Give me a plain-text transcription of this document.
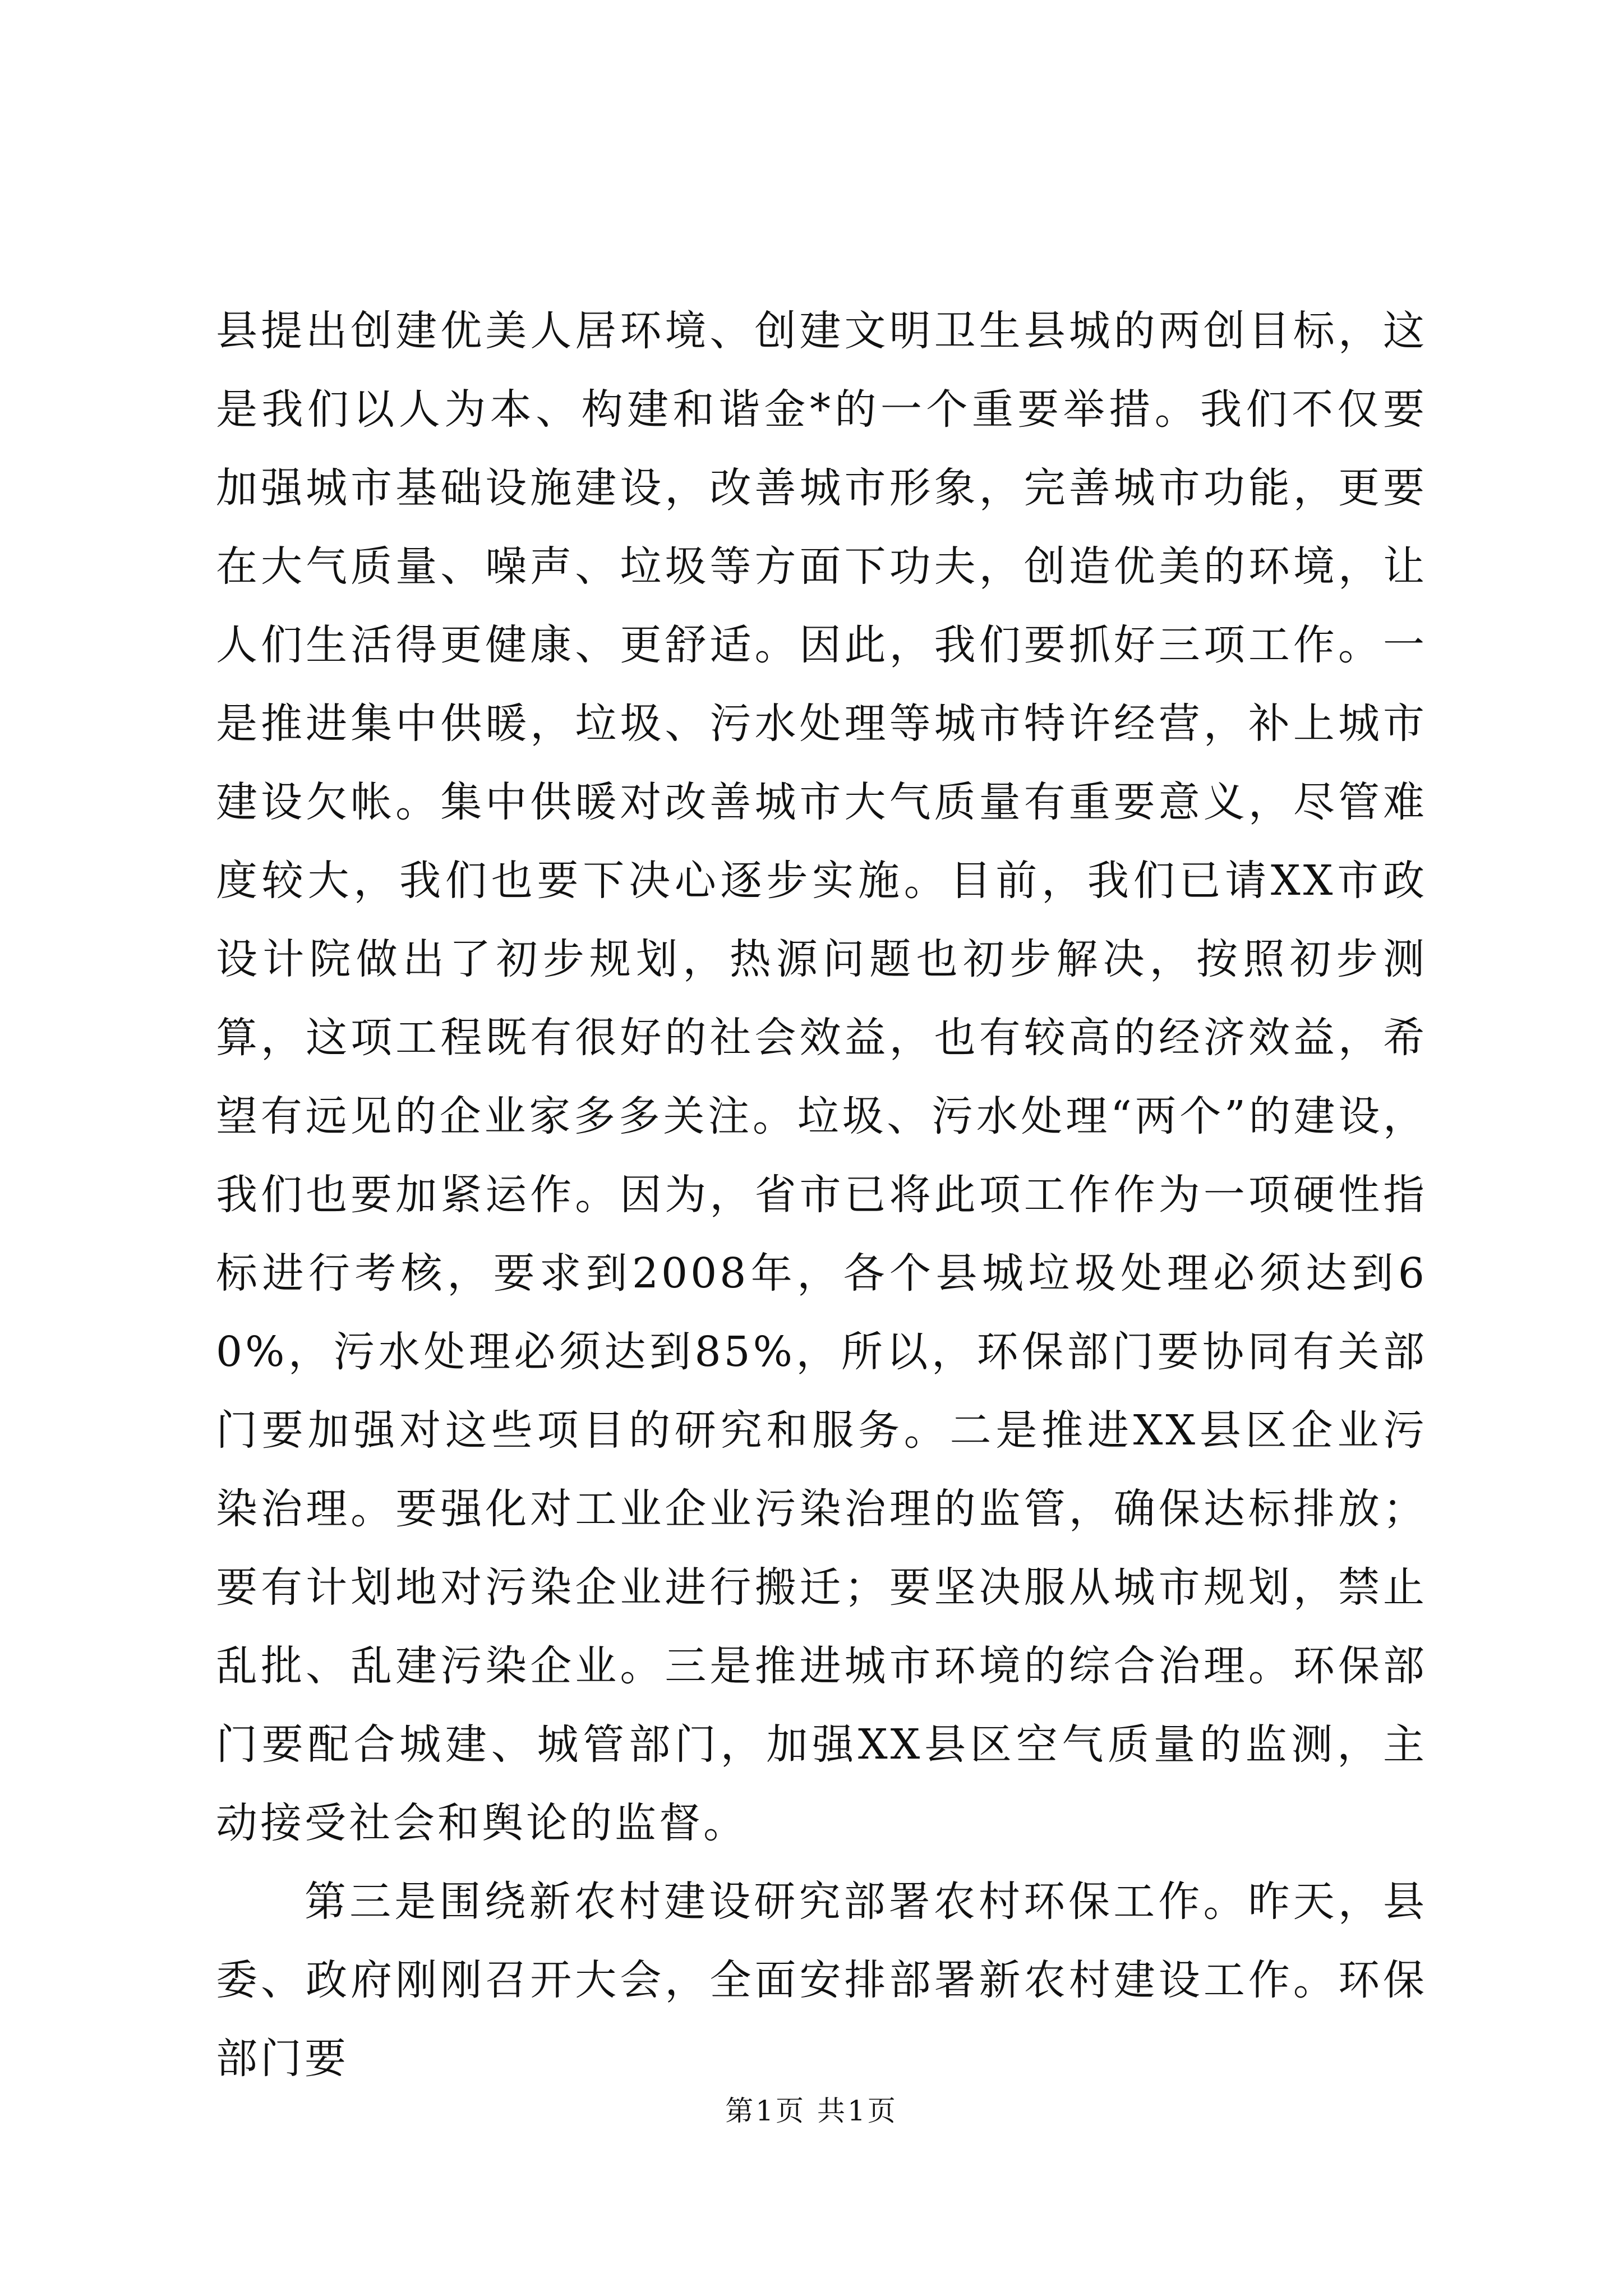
县提出创建优美人居环境、创建文明卫生县城的两创目标，这是我们以人为本、构建和谐金*的一个重要举措。我们不仅要加强城市基础设施建设，改善城市形象，完善城市功能，更要在大气质量、噪声、垃圾等方面下功夫，创造优美的环境，让人们生活得更健康、更舒适。因此，我们要抓好三项工作。一是推进集中供暖，垃圾、污水处理等城市特许经营，补上城市建设欠帐。集中供暖对改善城市大气质量有重要意义，尽管难度较大，我们也要下决心逐步实施。目前，我们已请XX市政设计院做出了初步规划，热源问题也初步解决，按照初步测算，这项工程既有很好的社会效益，也有较高的经济效益，希望有远见的企业家多多关注。垃圾、污水处理“两个”的建设，我们也要加紧运作。因为，省市已将此项工作作为一项硬性指标进行考核，要求到2008年，各个县城垃圾处理必须达到60%，污水处理必须达到85%，所以，环保部门要协同有关部门要加强对这些项目的研究和服务。二是推进XX县区企业污染治理。要强化对工业企业污染治理的监管，确保达标排放；要有计划地对污染企业进行搬迁；要坚决服从城市规划，禁止乱批、乱建污染企业。三是推进城市环境的综合治理。环保部门要配合城建、城管部门，加强XX县区空气质量的监测，主动接受社会和舆论的监督。

第三是围绕新农村建设研究部署农村环保工作。昨天，县委、政府刚刚召开大会，全面安排部署新农村建设工作。环保部门要

第1页 共1页
